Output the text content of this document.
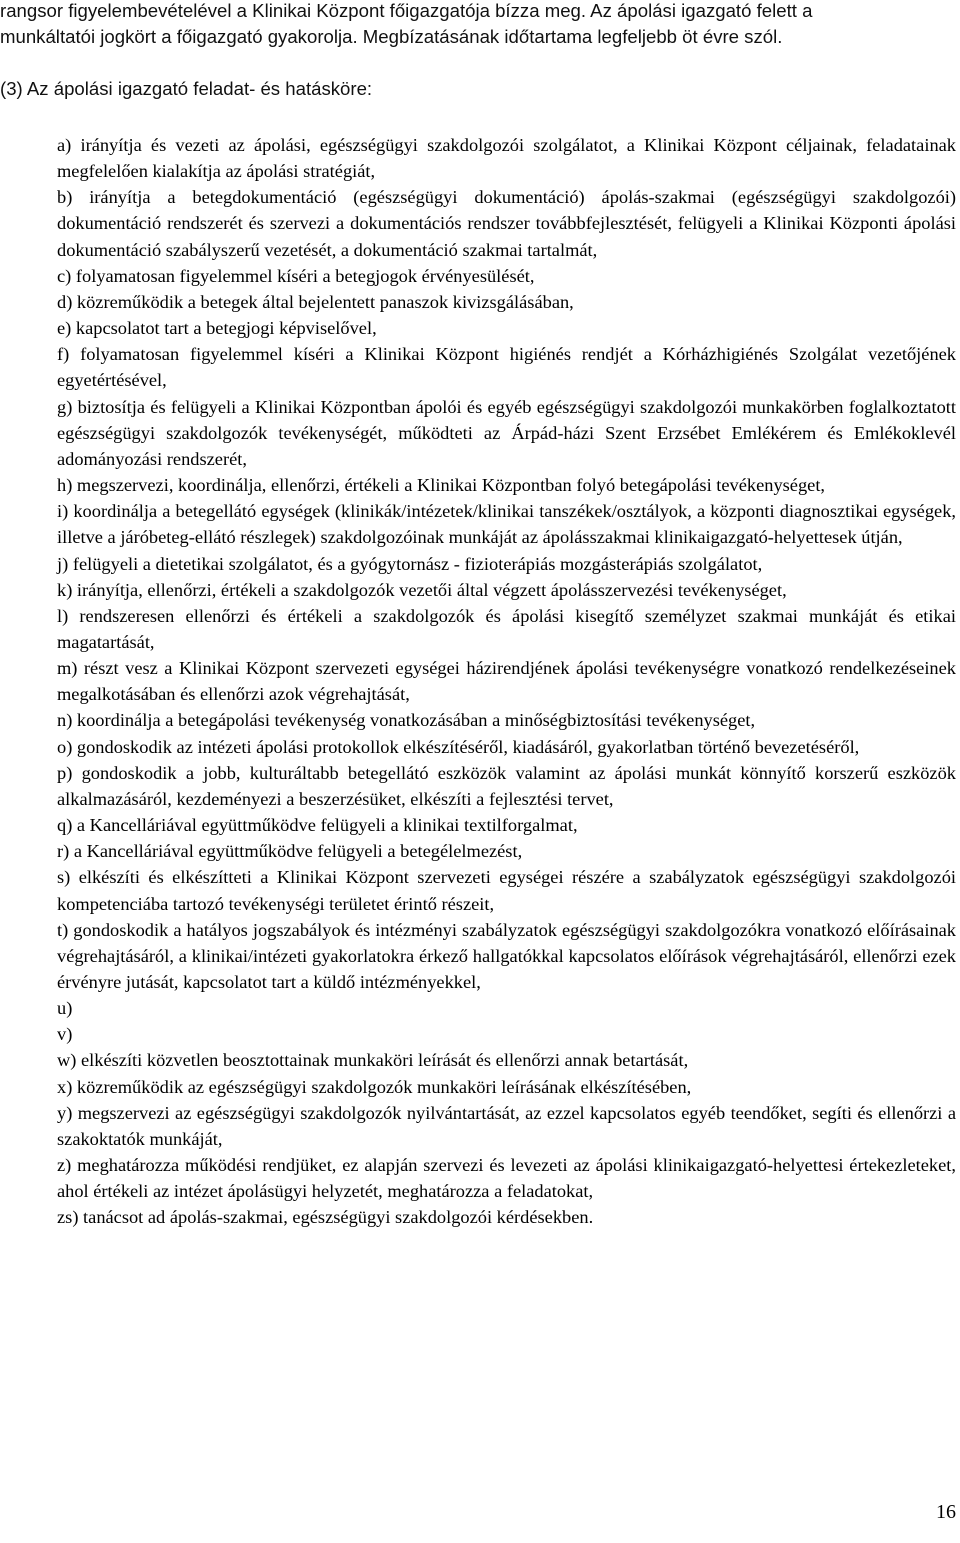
rangsor figyelembevételével a Klinikai Központ főigazgatója bízza meg. Az ápolási igazgató felett a

munkáltatói jogkört a főigazgató gyakorolja. Megbízatásának időtartama legfeljebb öt évre szól.

(3) Az ápolási igazgató feladat- és hatásköre:

a) irányítja és vezeti az ápolási, egészségügyi szakdolgozói szolgálatot, a Klinikai Központ céljainak, feladatainak megfelelően kialakítja az ápolási stratégiát,
b) irányítja a betegdokumentáció (egészségügyi dokumentáció) ápolás-szakmai (egészségügyi szakdolgozói) dokumentáció rendszerét és szervezi a dokumentációs rendszer továbbfejlesztését, felügyeli a Klinikai Központi ápolási dokumentáció szabályszerű vezetését, a dokumentáció szakmai tartalmát,
c) folyamatosan figyelemmel kíséri a betegjogok érvényesülését,
d) közreműködik a betegek által bejelentett panaszok kivizsgálásában,
e) kapcsolatot tart a betegjogi képviselővel,
f) folyamatosan figyelemmel kíséri a Klinikai Központ higiénés rendjét a Kórházhigiénés Szolgálat vezetőjének egyetértésével,
g) biztosítja és felügyeli a Klinikai Központban ápolói és egyéb egészségügyi szakdolgozói munkakörben foglalkoztatott egészségügyi szakdolgozók tevékenységét, működteti az Árpád-házi Szent Erzsébet Emlékérem és Emlékoklevél adományozási rendszerét,
h) megszervezi, koordinálja, ellenőrzi, értékeli a Klinikai Központban folyó betegápolási tevékenységet,
i) koordinálja a betegellátó egységek (klinikák/intézetek/klinikai tanszékek/osztályok, a központi diagnosztikai egységek, illetve a járóbeteg-ellátó részlegek) szakdolgozóinak munkáját az ápolásszakmai klinikaigazgató-helyettesek útján,
j) felügyeli a dietetikai szolgálatot, és a gyógytornász - fizioterápiás mozgásterápiás szolgálatot,
k) irányítja, ellenőrzi, értékeli a szakdolgozók vezetői által végzett ápolásszervezési tevékenységet,
l) rendszeresen ellenőrzi és értékeli a szakdolgozók és ápolási kisegítő személyzet szakmai munkáját és etikai magatartását,
m) részt vesz a Klinikai Központ szervezeti egységei házirendjének ápolási tevékenységre vonatkozó rendelkezéseinek megalkotásában és ellenőrzi azok végrehajtását,
n) koordinálja a betegápolási tevékenység vonatkozásában a minőségbiztosítási tevékenységet,
o) gondoskodik az intézeti ápolási protokollok elkészítéséről, kiadásáról, gyakorlatban történő bevezetéséről,
p) gondoskodik a jobb, kulturáltabb betegellátó eszközök valamint az ápolási munkát könnyítő korszerű eszközök alkalmazásáról, kezdeményezi a beszerzésüket, elkészíti a fejlesztési tervet,
q) a Kancelláriával együttműködve felügyeli a klinikai textilforgalmat,
r) a Kancelláriával együttműködve felügyeli a betegélelmezést,
s) elkészíti és elkészítteti a Klinikai Központ szervezeti egységei részére a szabályzatok egészségügyi szakdolgozói kompetenciába tartozó tevékenységi területet érintő részeit,
t) gondoskodik a hatályos jogszabályok és intézményi szabályzatok egészségügyi szakdolgozókra vonatkozó előírásainak végrehajtásáról, a klinikai/intézeti gyakorlatokra érkező hallgatókkal kapcsolatos előírások végrehajtásáról, ellenőrzi ezek érvényre jutását, kapcsolatot tart a küldő intézményekkel,
u)
v)
w) elkészíti közvetlen beosztottainak munkaköri leírását és ellenőrzi annak betartását,
x) közreműködik az egészségügyi szakdolgozók munkaköri leírásának elkészítésében,
y) megszervezi az egészségügyi szakdolgozók nyilvántartását, az ezzel kapcsolatos egyéb teendőket, segíti és ellenőrzi a szakoktatók munkáját,
z) meghatározza működési rendjüket, ez alapján szervezi és levezeti az ápolási klinikaigazgató-helyettesi értekezleteket, ahol értékeli az intézet ápolásügyi helyzetét, meghatározza a feladatokat,
zs) tanácsot ad ápolás-szakmai, egészségügyi szakdolgozói kérdésekben.

16
